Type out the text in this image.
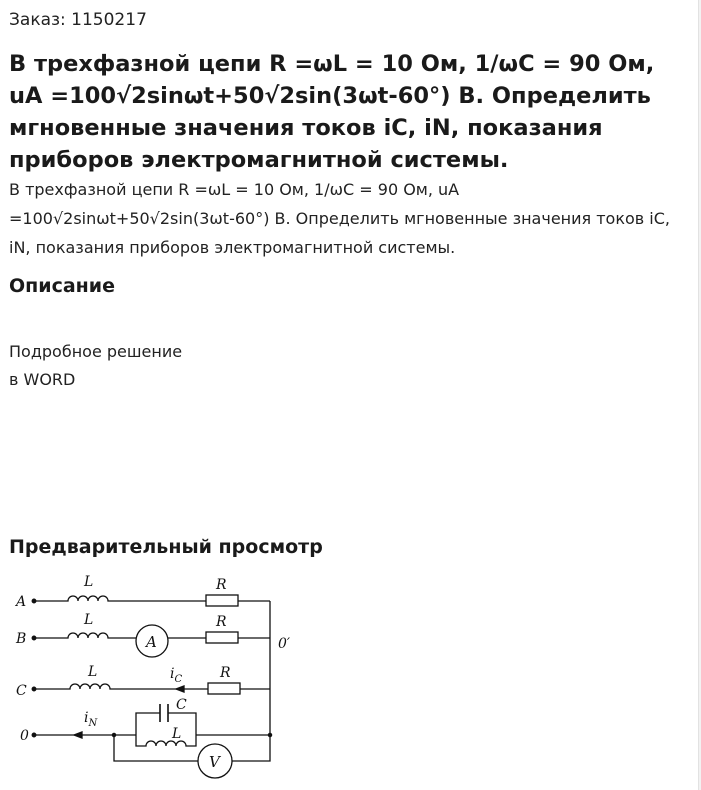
Заказ: 1150217
В трехфазной цепи R =ωL = 10 Ом, 1/ωС = 90 Ом, uA =100√2sinωt+50√2sin(3ωt-60°) В. Определить мгновенные значения токов iC, iN, показания приборов электромагнитной системы.

В трехфазной цепи R =ωL = 10 Ом, 1/ωС = 90 Ом, uA =100√2sinωt+50√2sin(3ωt-60°) В. Определить мгновенные значения токов iC, iN, показания приборов электромагнитной системы.

Описание
Подробное решение
в WORD
Предварительный просмотр
A
L	R
B
L
A
R
0′
C
L	$i_C$	R
0
$i_N$
C
L
V
